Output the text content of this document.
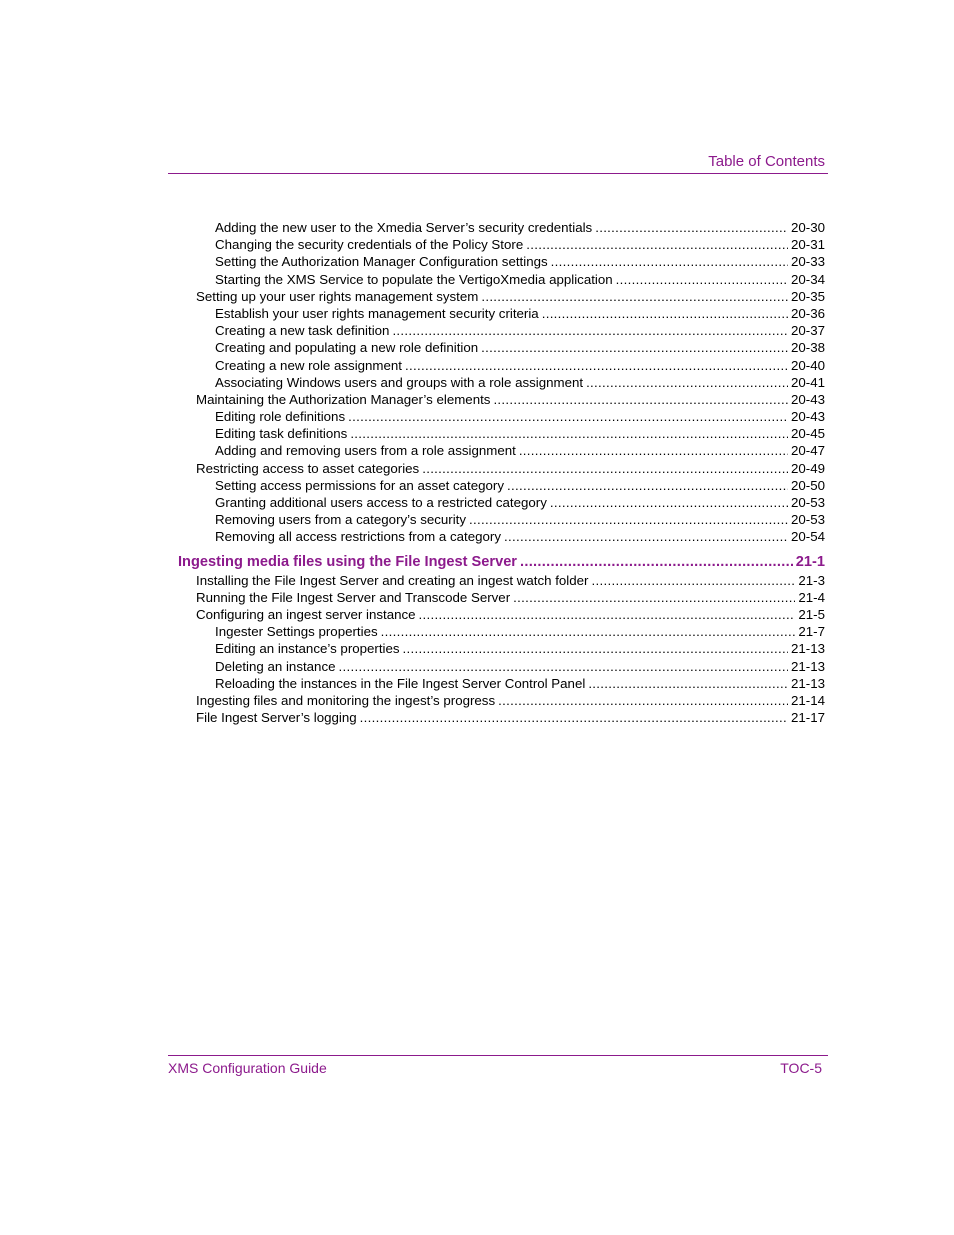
Table of Contents
Adding the new user to the Xmedia Server’s security credentials .....	20-30
Changing the security credentials of the Policy Store .....	20-31
Setting the Authorization Manager Configuration settings .....	20-33
Starting the XMS Service to populate the VertigoXmedia application .....	20-34
Setting up your user rights management system .....	20-35
Establish your user rights management security criteria .....	20-36
Creating a new task definition .....	20-37
Creating and populating a new role definition .....	20-38
Creating a new role assignment .....	20-40
Associating Windows users and groups with a role assignment .....	20-41
Maintaining the Authorization Manager’s elements .....	20-43
Editing role definitions .....	20-43
Editing task definitions .....	20-45
Adding and removing users from a role assignment .....	20-47
Restricting access to asset categories .....	20-49
Setting access permissions for an asset category .....	20-50
Granting additional users access to a restricted category .....	20-53
Removing users from a category’s security .....	20-53
Removing all access restrictions from a category .....	20-54
Ingesting media files using the File Ingest Server .....	21-1
Installing the File Ingest Server and creating an ingest watch folder .....	21-3
Running the File Ingest Server and Transcode Server .....	21-4
Configuring an ingest server instance .....	21-5
Ingester Settings properties .....	21-7
Editing an instance’s properties .....	21-13
Deleting an instance .....	21-13
Reloading the instances in the File Ingest Server Control Panel .....	21-13
Ingesting files and monitoring the ingest’s progress .....	21-14
File Ingest Server’s logging .....	21-17
XMS Configuration Guide	TOC-5
